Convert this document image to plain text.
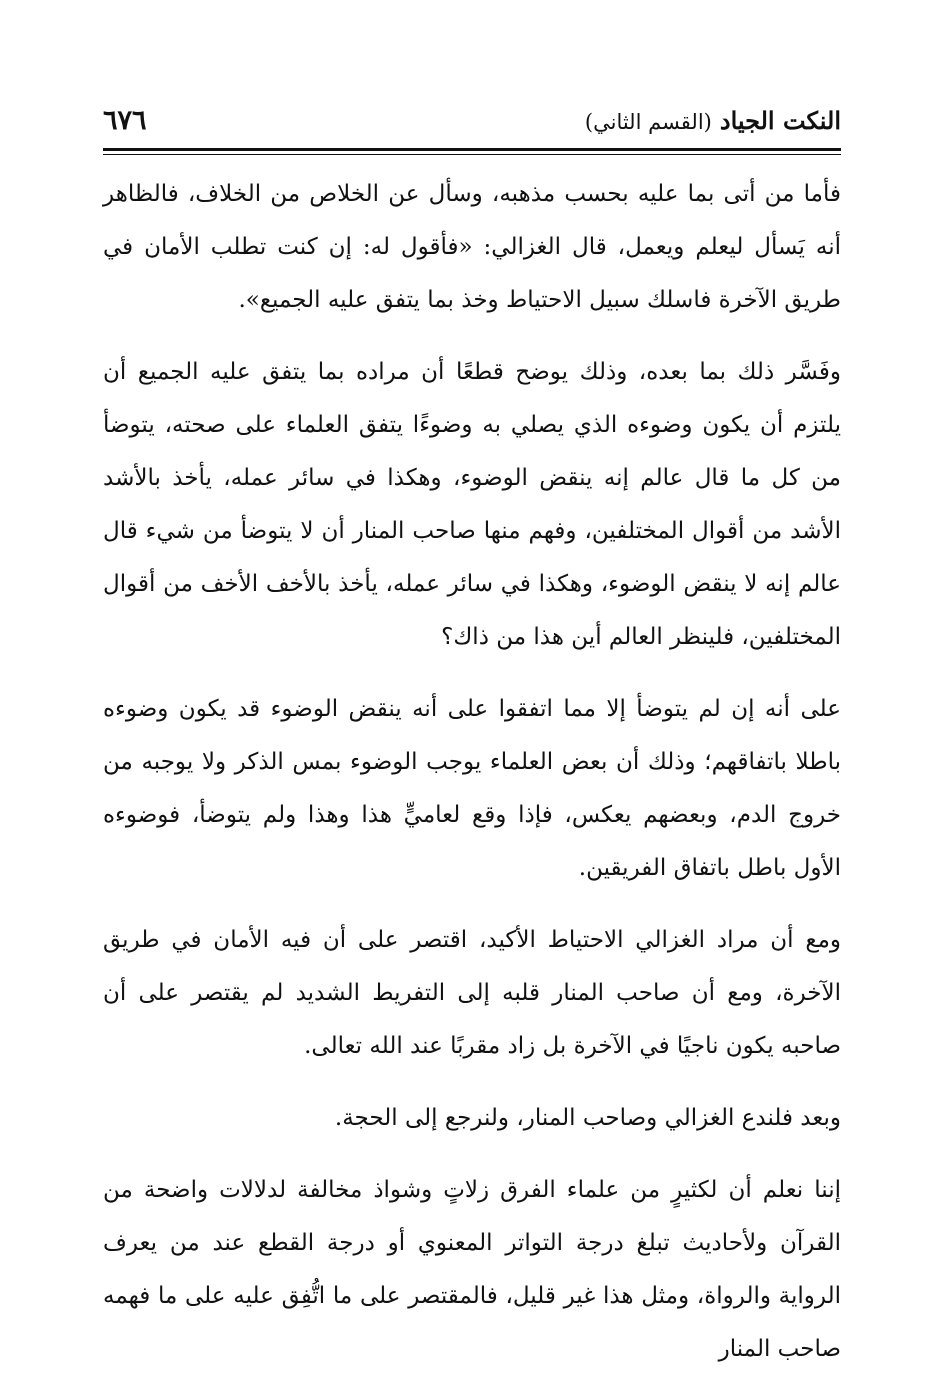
النكت الجياد (القسم الثاني)
٦٧٦

فأما من أتى بما عليه بحسب مذهبه، وسأل عن الخلاص من الخلاف، فالظاهر أنه يَسأل ليعلم ويعمل، قال الغزالي: «فأقول له: إن كنت تطلب الأمان في طريق الآخرة فاسلك سبيل الاحتياط وخذ بما يتفق عليه الجميع».

وفَسَّر ذلك بما بعده، وذلك يوضح قطعًا أن مراده بما يتفق عليه الجميع أن يلتزم أن يكون وضوءه الذي يصلي به وضوءًا يتفق العلماء على صحته، يتوضأ من كل ما قال عالم إنه ينقض الوضوء، وهكذا في سائر عمله، يأخذ بالأشد الأشد من أقوال المختلفين، وفهم منها صاحب المنار أن لا يتوضأ من شيء قال عالم إنه لا ينقض الوضوء، وهكذا في سائر عمله، يأخذ بالأخف الأخف من أقوال المختلفين، فلينظر العالم أين هذا من ذاك؟

على أنه إن لم يتوضأ إلا مما اتفقوا على أنه ينقض الوضوء قد يكون وضوءه باطلا باتفاقهم؛ وذلك أن بعض العلماء يوجب الوضوء بمس الذكر ولا يوجبه من خروج الدم، وبعضهم يعكس، فإذا وقع لعاميٍّ هذا وهذا ولم يتوضأ، فوضوءه الأول باطل باتفاق الفريقين.

ومع أن مراد الغزالي الاحتياط الأكيد، اقتصر على أن فيه الأمان في طريق الآخرة، ومع أن صاحب المنار قلبه إلى التفريط الشديد لم يقتصر على أن صاحبه يكون ناجيًا في الآخرة بل زاد مقربًا عند الله تعالى.

وبعد فلندع الغزالي وصاحب المنار، ولنرجع إلى الحجة.

إننا نعلم أن لكثيرٍ من علماء الفرق زلاتٍ وشواذ مخالفة لدلالات واضحة من القرآن ولأحاديث تبلغ درجة التواتر المعنوي أو درجة القطع عند من يعرف الرواية والرواة، ومثل هذا غير قليل، فالمقتصر على ما اتُّفِق عليه على ما فهمه صاحب المنار
